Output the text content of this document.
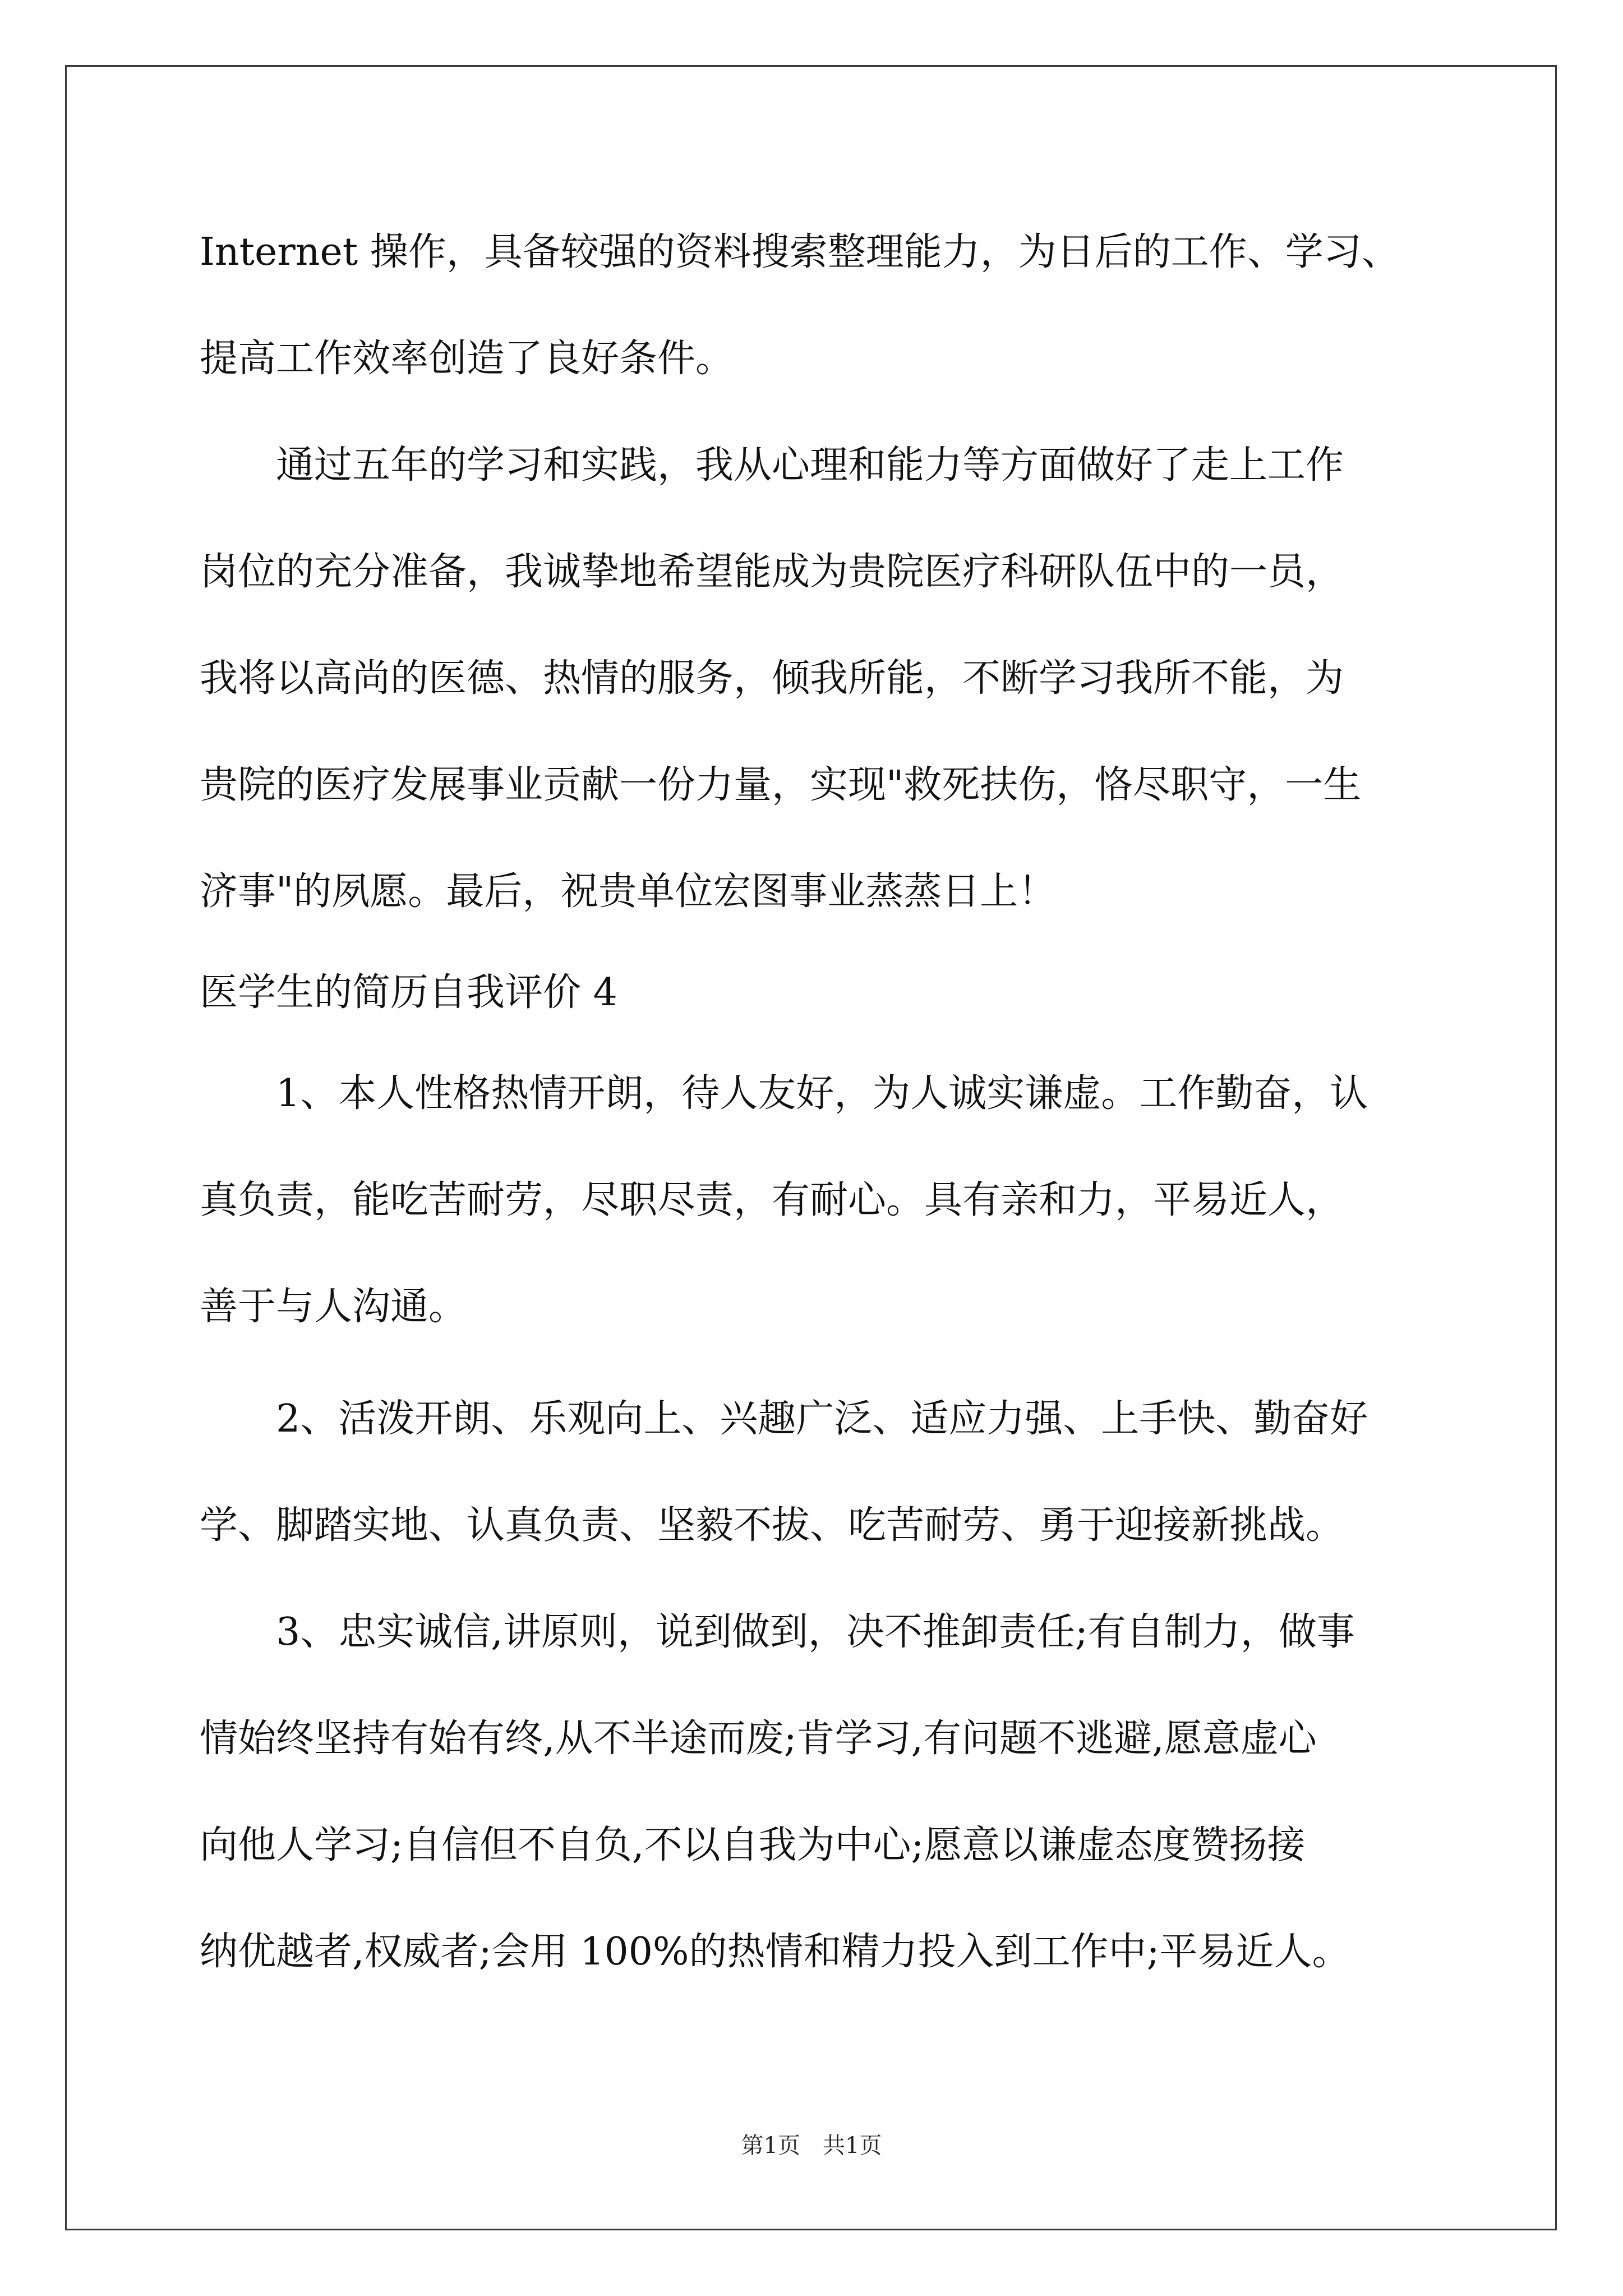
Internet 操作，具备较强的资料搜索整理能力，为日后的工作、学习、
提高工作效率创造了良好条件。
　　通过五年的学习和实践，我从心理和能力等方面做好了走上工作
岗位的充分准备，我诚挚地希望能成为贵院医疗科研队伍中的一员，
我将以高尚的医德、热情的服务，倾我所能，不断学习我所不能，为
贵院的医疗发展事业贡献一份力量，实现"救死扶伤，恪尽职守，一生
济事"的夙愿。最后，祝贵单位宏图事业蒸蒸日上！
医学生的简历自我评价 4
　　1、本人性格热情开朗，待人友好，为人诚实谦虚。工作勤奋，认
真负责，能吃苦耐劳，尽职尽责，有耐心。具有亲和力，平易近人，
善于与人沟通。
　　2、活泼开朗、乐观向上、兴趣广泛、适应力强、上手快、勤奋好
学、脚踏实地、认真负责、坚毅不拔、吃苦耐劳、勇于迎接新挑战。
　　3、忠实诚信,讲原则，说到做到，决不推卸责任;有自制力，做事
情始终坚持有始有终,从不半途而废;肯学习,有问题不逃避,愿意虚心
向他人学习;自信但不自负,不以自我为中心;愿意以谦虚态度赞扬接
纳优越者,权威者;会用 100%的热情和精力投入到工作中;平易近人。
第1页　共1页
